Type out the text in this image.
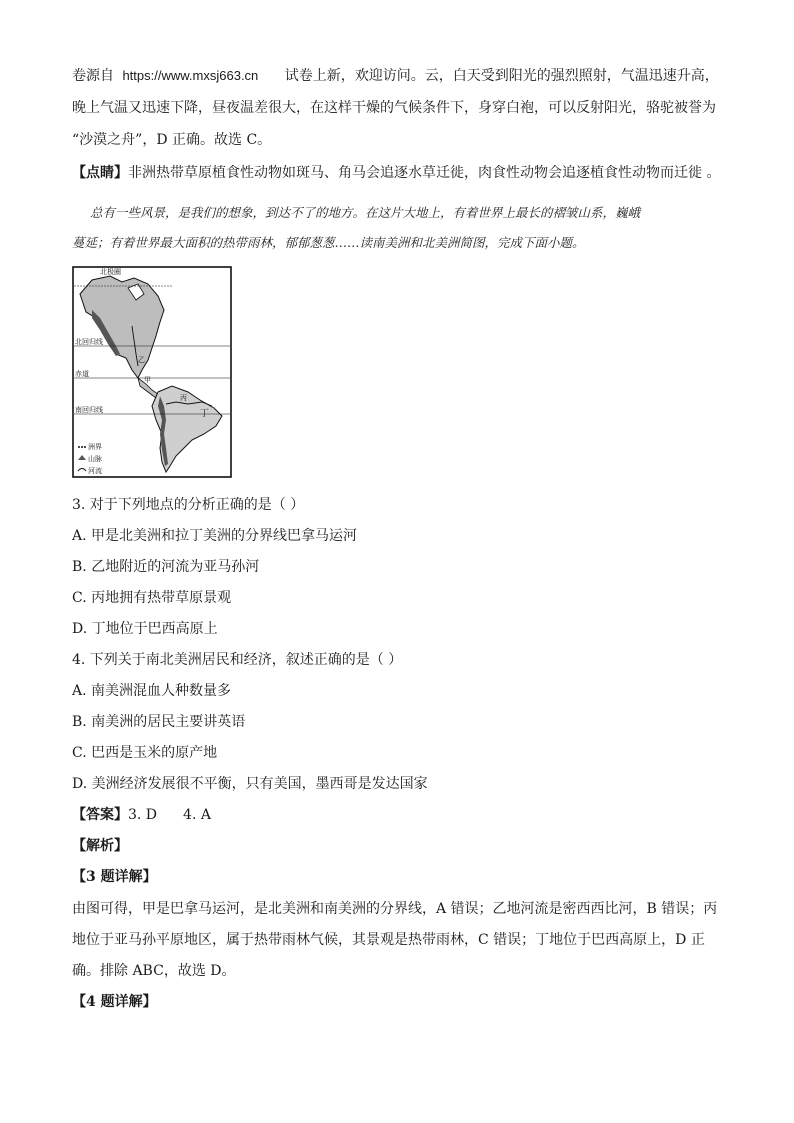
卷源自 https://www.mxsj663.cn 试卷上新，欢迎访问。云，白天受到阳光的强烈照射，气温迅速升高，
晚上气温又迅速下降，昼夜温差很大，在这样干燥的气候条件下，身穿白袍，可以反射阳光，骆驼被誉为
“沙漠之舟”，D 正确。故选 C。
【点睛】非洲热带草原植食性动物如斑马、角马会追逐水草迁徙，肉食性动物会追逐植食性动物而迁徙 。
总有一些风景，是我们的想象，到达不了的地方。在这片大地上，有着世界上最长的褶皱山系，巍峨
蔓延；有着世界最大面积的热带雨林，郁郁葱葱……读南美洲和北美洲简图，完成下面小题。
北极圈
北回归线
赤道
南回归线
甲
乙
丙
丁
洲界
山脉
河流
3. 对于下列地点的分析正确的是（ ）
A. 甲是北美洲和拉丁美洲的分界线巴拿马运河
B. 乙地附近的河流为亚马孙河
C. 丙地拥有热带草原景观
D. 丁地位于巴西高原上
4. 下列关于南北美洲居民和经济，叙述正确的是（ ）
A. 南美洲混血人种数量多
B. 南美洲的居民主要讲英语
C. 巴西是玉米的原产地
D. 美洲经济发展很不平衡，只有美国，墨西哥是发达国家
【答案】3. D 4. A
【解析】
【3 题详解】
由图可得，甲是巴拿马运河，是北美洲和南美洲的分界线，A 错误；乙地河流是密西西比河，B 错误；丙
地位于亚马孙平原地区，属于热带雨林气候，其景观是热带雨林，C 错误；丁地位于巴西高原上，D 正
确。排除 ABC，故选 D。
【4 题详解】
